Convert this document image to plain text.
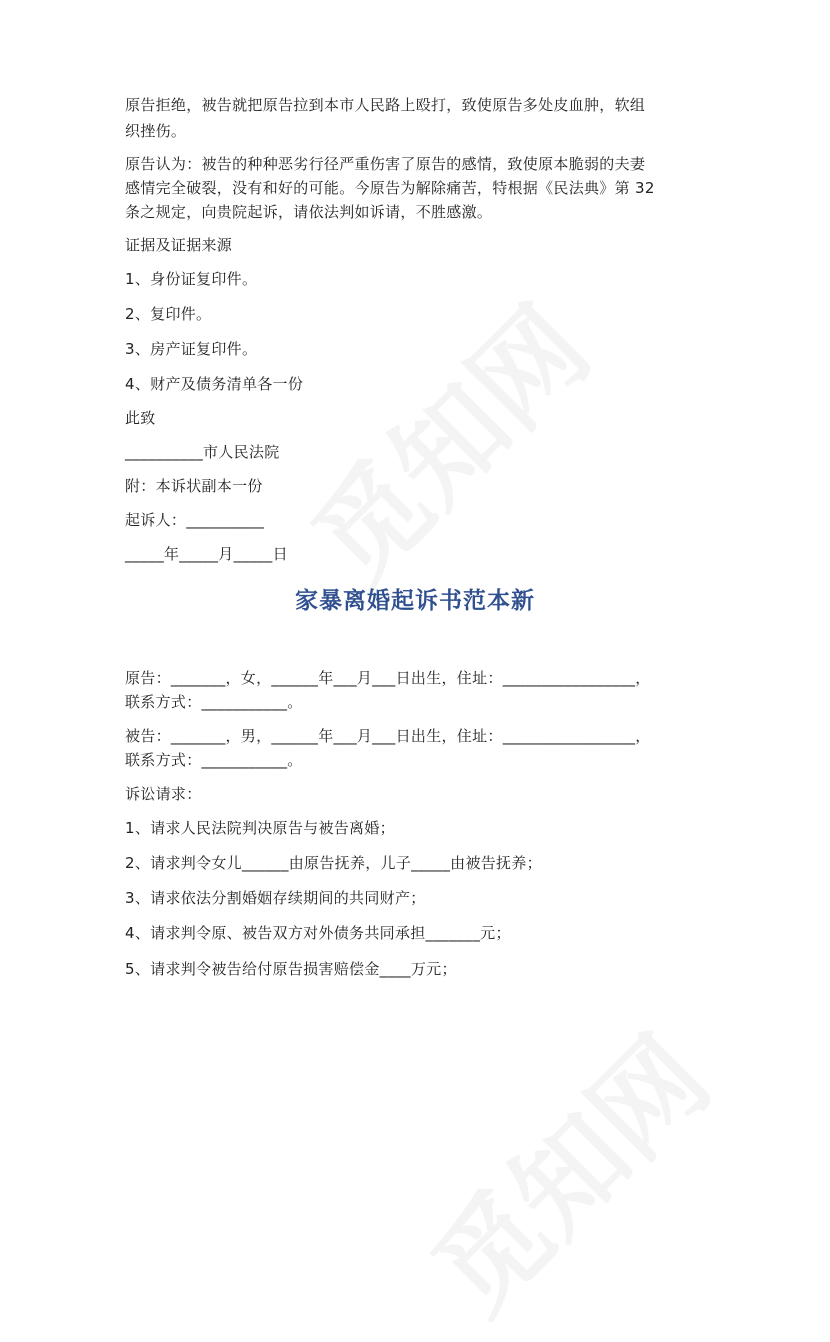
原告拒绝，被告就把原告拉到本市人民路上殴打，致使原告多处皮血肿，软组
织挫伤。
原告认为：被告的种种恶劣行径严重伤害了原告的感情，致使原本脆弱的夫妻
感情完全破裂，没有和好的可能。今原告为解除痛苦，特根据《民法典》第 32
条之规定，向贵院起诉，请依法判如诉请，不胜感激。
证据及证据来源
1、身份证复印件。
2、复印件。
3、房产证复印件。
4、财产及债务清单各一份
此致
__________市人民法院
附：本诉状副本一份
起诉人：__________
_____年_____月_____日
家暴离婚起诉书范本新
原告：_______，女，______年___月___日出生，住址：_________________，
联系方式：___________。
被告：_______，男，______年___月___日出生，住址：_________________，
联系方式：___________。
诉讼请求：
1、请求人民法院判决原告与被告离婚；
2、请求判令女儿______由原告抚养，儿子_____由被告抚养；
3、请求依法分割婚姻存续期间的共同财产；
4、请求判令原、被告双方对外债务共同承担_______元；
5、请求判令被告给付原告损害赔偿金____万元；
